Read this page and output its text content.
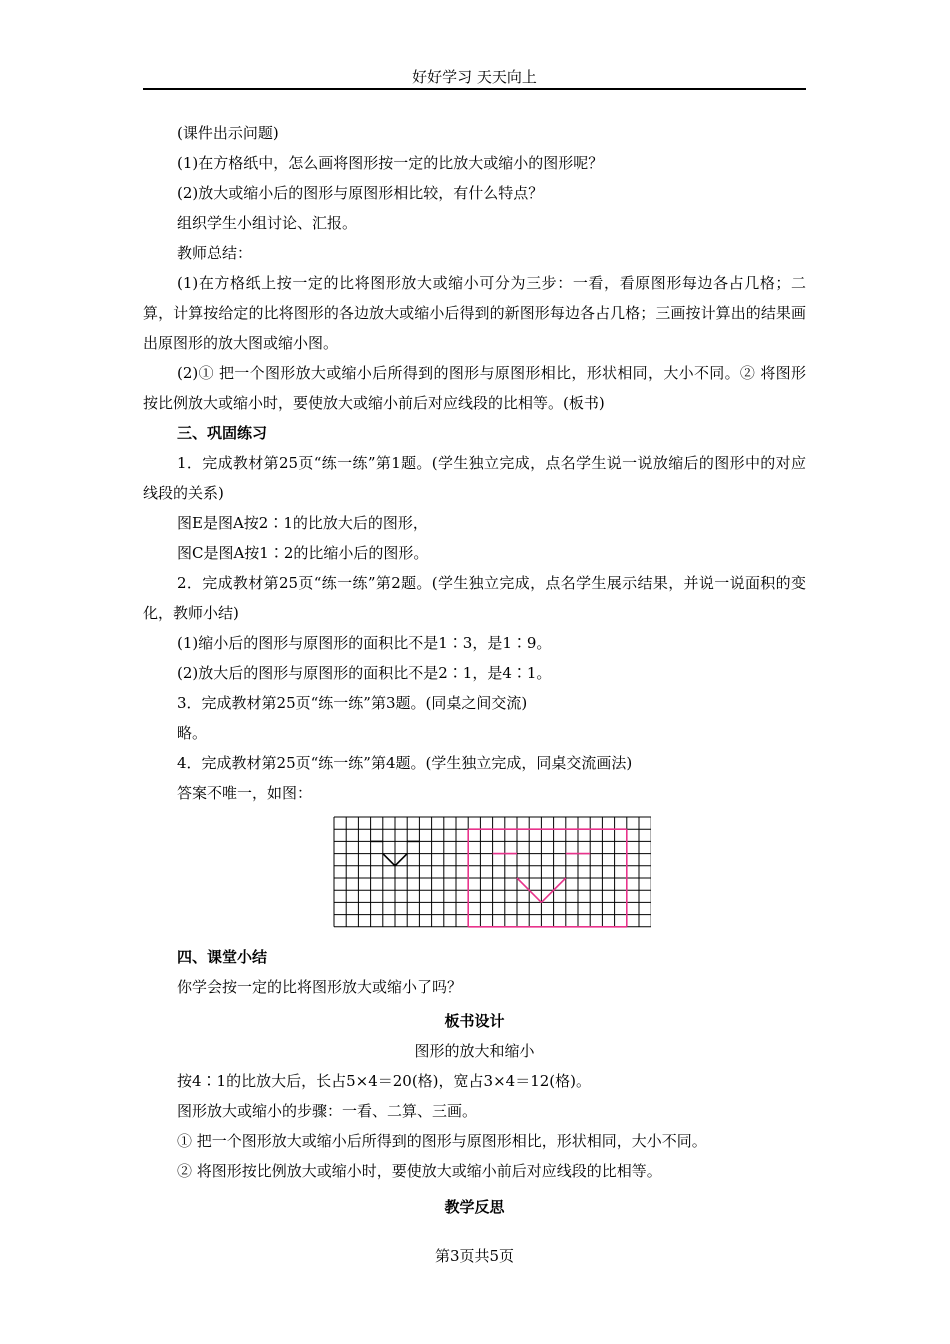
好好学习 天天向上

(课件出示问题)

(1)在方格纸中，怎么画将图形按一定的比放大或缩小的图形呢？

(2)放大或缩小后的图形与原图形相比较，有什么特点？

组织学生小组讨论、汇报。

教师总结：

(1)在方格纸上按一定的比将图形放大或缩小可分为三步：一看，看原图形每边各占几格；二算，计算按给定的比将图形的各边放大或缩小后得到的新图形每边各占几格；三画按计算出的结果画出原图形的放大图或缩小图。

(2)① 把一个图形放大或缩小后所得到的图形与原图形相比，形状相同，大小不同。② 将图形按比例放大或缩小时，要使放大或缩小前后对应线段的比相等。(板书)

三、巩固练习

1．完成教材第25页“练一练”第1题。(学生独立完成，点名学生说一说放缩后的图形中的对应线段的关系)

图E是图A按2∶1的比放大后的图形，

图C是图A按1∶2的比缩小后的图形。

2．完成教材第25页“练一练”第2题。(学生独立完成，点名学生展示结果，并说一说面积的变化，教师小结)

(1)缩小后的图形与原图形的面积比不是1∶3，是1∶9。

(2)放大后的图形与原图形的面积比不是2∶1，是4∶1。

3．完成教材第25页“练一练”第3题。(同桌之间交流)

略。

4．完成教材第25页“练一练”第4题。(学生独立完成，同桌交流画法)

答案不唯一，如图：

四、课堂小结

你学会按一定的比将图形放大或缩小了吗？

板书设计

图形的放大和缩小

按4∶1的比放大后，长占5×4＝20(格)，宽占3×4＝12(格)。

图形放大或缩小的步骤：一看、二算、三画。

① 把一个图形放大或缩小后所得到的图形与原图形相比，形状相同，大小不同。

② 将图形按比例放大或缩小时，要使放大或缩小前后对应线段的比相等。

教学反思

第3页共5页
